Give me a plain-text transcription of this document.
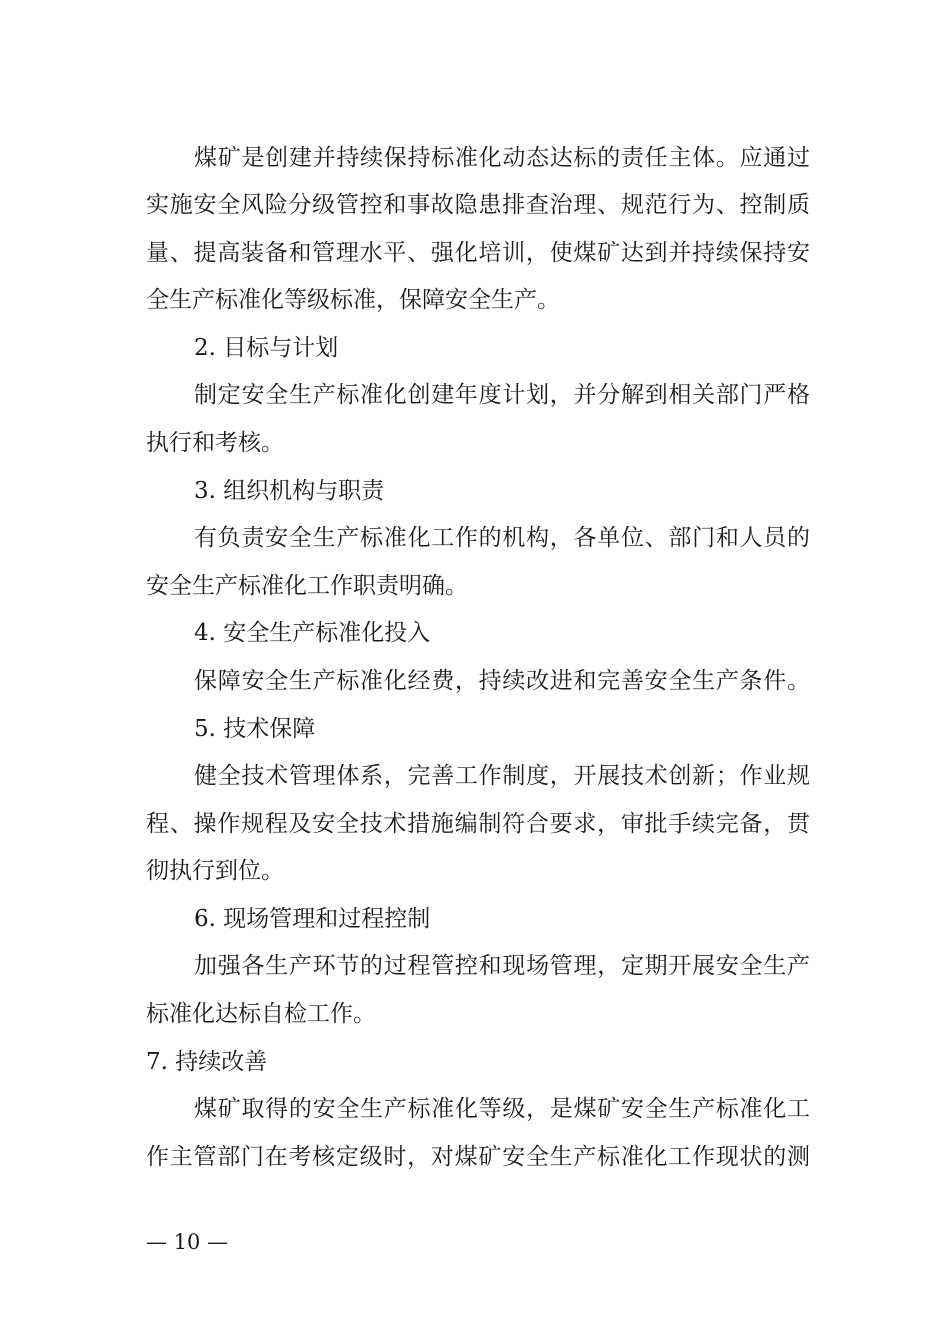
煤矿是创建并持续保持标准化动态达标的责任主体。应通过
实施安全风险分级管控和事故隐患排查治理、规范行为、控制质
量、提高装备和管理水平、强化培训，使煤矿达到并持续保持安
全生产标准化等级标准，保障安全生产。
2. 目标与计划
制定安全生产标准化创建年度计划，并分解到相关部门严格
执行和考核。
3. 组织机构与职责
有负责安全生产标准化工作的机构，各单位、部门和人员的
安全生产标准化工作职责明确。
4. 安全生产标准化投入
保障安全生产标准化经费，持续改进和完善安全生产条件。
5. 技术保障
健全技术管理体系，完善工作制度，开展技术创新；作业规
程、操作规程及安全技术措施编制符合要求，审批手续完备，贯
彻执行到位。
6. 现场管理和过程控制
加强各生产环节的过程管控和现场管理，定期开展安全生产
标准化达标自检工作。
7. 持续改善
煤矿取得的安全生产标准化等级，是煤矿安全生产标准化工
作主管部门在考核定级时，对煤矿安全生产标准化工作现状的测
— 10 —
